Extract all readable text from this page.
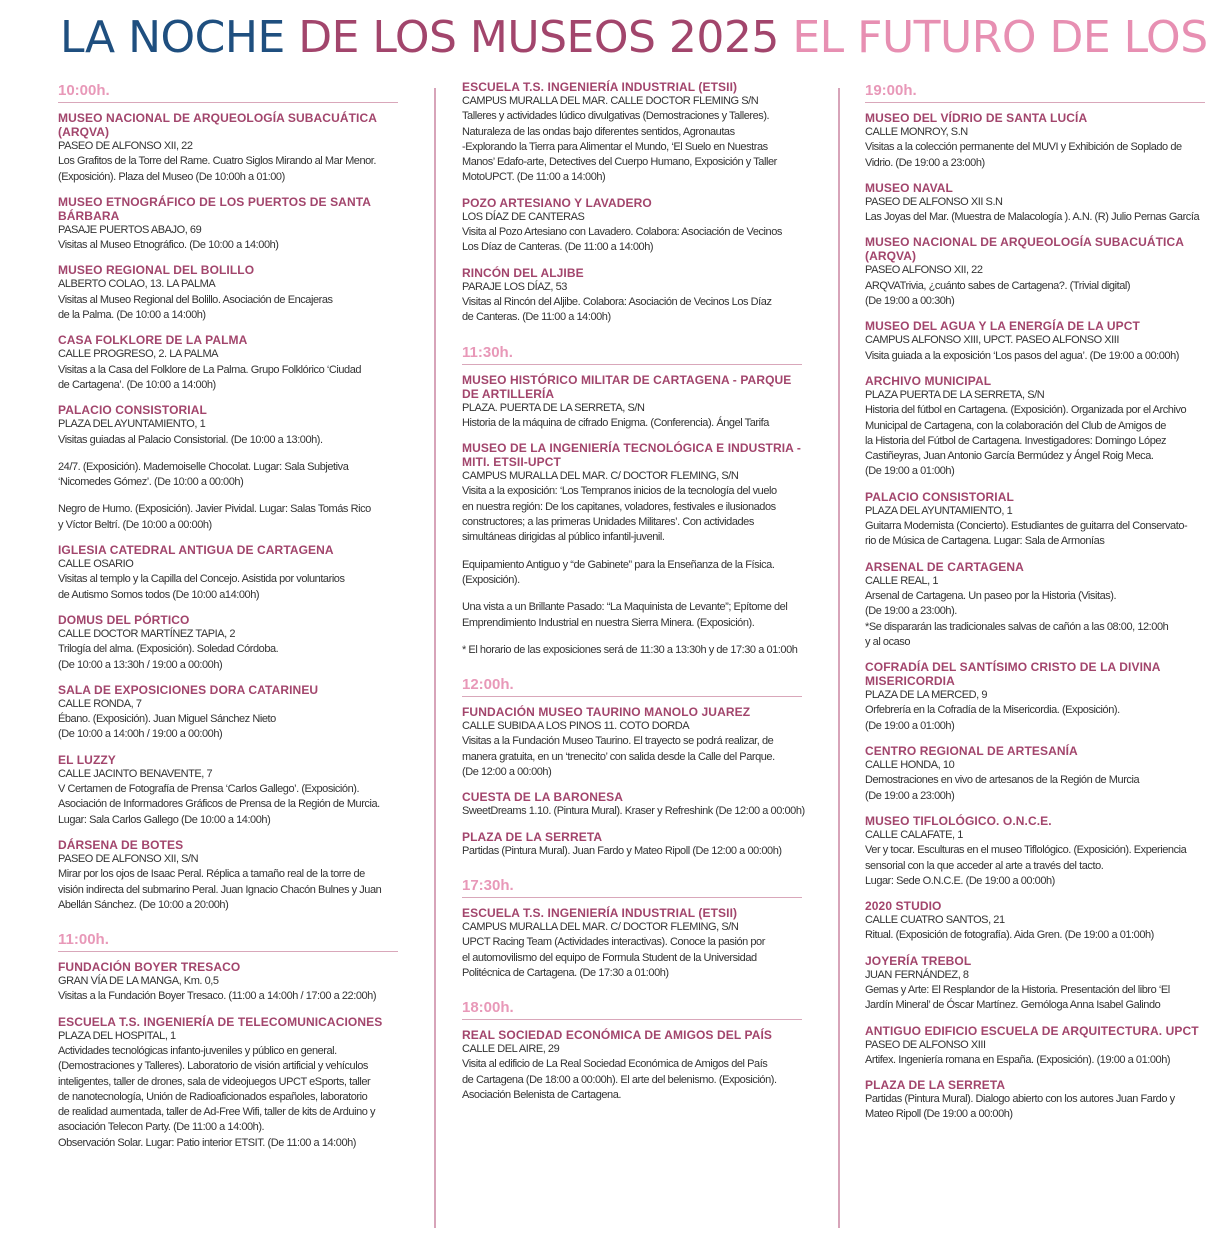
LA NOCHE DE LOS MUSEOS 2025 EL FUTURO DE LOS
10:00h.
MUSEO NACIONAL DE ARQUEOLOGÍA SUBACUÁTICA (ARQVA)
PASEO DE ALFONSO XII, 22
Los Grafitos de la Torre del Rame. Cuatro Siglos Mirando al Mar Menor.
(Exposición). Plaza del Museo (De 10:00h a 01:00)
MUSEO ETNOGRÁFICO DE LOS PUERTOS DE SANTA BÁRBARA
PASAJE PUERTOS ABAJO, 69
Visitas al Museo Etnográfico. (De 10:00 a 14:00h)
MUSEO REGIONAL DEL BOLILLO
ALBERTO COLAO, 13. LA PALMA
Visitas al Museo Regional del Bolillo. Asociación de Encajeras
de la Palma. (De 10:00 a 14:00h)
CASA FOLKLORE DE LA PALMA
CALLE PROGRESO, 2. LA PALMA
Visitas a la Casa del Folklore de La Palma. Grupo Folklórico ‘Ciudad
de Cartagena’. (De 10:00 a 14:00h)
PALACIO CONSISTORIAL
PLAZA DEL AYUNTAMIENTO, 1
Visitas guiadas al Palacio Consistorial. (De 10:00 a 13:00h).
24/7. (Exposición). Mademoiselle Chocolat. Lugar: Sala Subjetiva
‘Nicomedes Gómez’. (De 10:00 a 00:00h)
Negro de Humo. (Exposición). Javier Pividal. Lugar: Salas Tomás Rico
y Víctor Beltrí. (De 10:00 a 00:00h)
IGLESIA CATEDRAL ANTIGUA DE CARTAGENA
CALLE OSARIO
Visitas al templo y la Capilla del Concejo. Asistida por voluntarios
de Autismo Somos todos (De 10:00 a14:00h)
DOMUS DEL PÓRTICO
CALLE DOCTOR MARTÍNEZ TAPIA, 2
Trilogía del alma. (Exposición). Soledad Córdoba.
(De 10:00 a 13:30h / 19:00 a 00:00h)
SALA DE EXPOSICIONES DORA CATARINEU
CALLE RONDA, 7
Ébano. (Exposición). Juan Miguel Sánchez Nieto
(De 10:00 a 14:00h / 19:00 a 00:00h)
EL LUZZY
CALLE JACINTO BENAVENTE, 7
V Certamen de Fotografía de Prensa ‘Carlos Gallego’. (Exposición).
Asociación de Informadores Gráficos de Prensa de la Región de Murcia.
Lugar: Sala Carlos Gallego (De 10:00 a 14:00h)
DÁRSENA DE BOTES
PASEO DE ALFONSO XII, S/N
Mirar por los ojos de Isaac Peral. Réplica a tamaño real de la torre de
visión indirecta del submarino Peral. Juan Ignacio Chacón Bulnes y Juan
Abellán Sánchez. (De 10:00 a 20:00h)
11:00h.
FUNDACIÓN BOYER TRESACO
GRAN VÍA DE LA MANGA, Km. 0,5
Visitas a la Fundación Boyer Tresaco. (11:00 a 14:00h / 17:00 a 22:00h)
ESCUELA T.S. INGENIERÍA DE TELECOMUNICACIONES
PLAZA DEL HOSPITAL, 1
Actividades tecnológicas infanto-juveniles y público en general.
(Demostraciones y Talleres). Laboratorio de visión artificial y vehículos
inteligentes, taller de drones, sala de videojuegos UPCT eSports, taller
de nanotecnología, Unión de Radioaficionados españoles, laboratorio
de realidad aumentada, taller de Ad-Free Wifi, taller de kits de Arduino y
asociación Telecon Party. (De 11:00 a 14:00h).
Observación Solar. Lugar: Patio interior ETSIT. (De 11:00 a 14:00h)
ESCUELA T.S. INGENIERÍA INDUSTRIAL (ETSII)
CAMPUS MURALLA DEL MAR. CALLE DOCTOR FLEMING S/N
Talleres y actividades lúdico divulgativas (Demostraciones y Talleres).
Naturaleza de las ondas bajo diferentes sentidos, Agronautas
-Explorando la Tierra para Alimentar el Mundo, ‘El Suelo en Nuestras
Manos’ Edafo-arte, Detectives del Cuerpo Humano, Exposición y Taller
MotoUPCT. (De 11:00 a 14:00h)
POZO ARTESIANO Y LAVADERO
LOS DÍAZ DE CANTERAS
Visita al Pozo Artesiano con Lavadero. Colabora: Asociación de Vecinos
Los Díaz de Canteras. (De 11:00 a 14:00h)
RINCÓN DEL ALJIBE
PARAJE LOS DÍAZ, 53
Visitas al Rincón del Aljibe. Colabora: Asociación de Vecinos Los Díaz
de Canteras. (De 11:00 a 14:00h)
11:30h.
MUSEO HISTÓRICO MILITAR DE CARTAGENA - PARQUE DE ARTILLERÍA
PLAZA. PUERTA DE LA SERRETA, S/N
Historia de la máquina de cifrado Enigma. (Conferencia). Ángel Tarifa
MUSEO DE LA INGENIERÍA TECNOLÓGICA E INDUSTRIA - MITI. ETSII-UPCT
CAMPUS MURALLA DEL MAR. C/ DOCTOR FLEMING, S/N
Visita a la exposición: ‘Los Tempranos inicios de la tecnología del vuelo
en nuestra región: De los capitanes, voladores, festivales e ilusionados
constructores; a las primeras Unidades Militares’. Con actividades
simultáneas dirigidas al público infantil-juvenil.
Equipamiento Antiguo y “de Gabinete” para la Enseñanza de la Física.
(Exposición).
Una vista a un Brillante Pasado: “La Maquinista de Levante”; Epítome del
Emprendimiento Industrial en nuestra Sierra Minera. (Exposición).
* El horario de las exposiciones será de 11:30 a 13:30h y de 17:30 a 01:00h
12:00h.
FUNDACIÓN MUSEO TAURINO MANOLO JUAREZ
CALLE SUBIDA A LOS PINOS 11. COTO DORDA
Visitas a la Fundación Museo Taurino. El trayecto se podrá realizar, de
manera gratuita, en un ‘trenecito’ con salida desde la Calle del Parque.
(De 12:00 a 00:00h)
CUESTA DE LA BARONESA
SweetDreams 1.10. (Pintura Mural). Kraser y Refreshink (De 12:00 a 00:00h)
PLAZA DE LA SERRETA
Partidas (Pintura Mural). Juan Fardo y Mateo Ripoll (De 12:00 a 00:00h)
17:30h.
ESCUELA T.S. INGENIERÍA INDUSTRIAL (ETSII)
CAMPUS MURALLA DEL MAR. C/ DOCTOR FLEMING, S/N
UPCT Racing Team (Actividades interactivas). Conoce la pasión por
el automovilismo del equipo de Formula Student de la Universidad
Politécnica de Cartagena. (De 17:30 a 01:00h)
18:00h.
REAL SOCIEDAD ECONÓMICA DE AMIGOS DEL PAÍS
CALLE DEL AIRE, 29
Visita al edificio de La Real Sociedad Económica de Amigos del País
de Cartagena (De 18:00 a 00:00h). El arte del belenismo. (Exposición).
Asociación Belenista de Cartagena.
19:00h.
MUSEO DEL VÍDRIO DE SANTA LUCÍA
CALLE MONROY, S.N
Visitas a la colección permanente del MUVI y Exhibición de Soplado de
Vidrio. (De 19:00 a 23:00h)
MUSEO NAVAL
PASEO DE ALFONSO XII S.N
Las Joyas del Mar. (Muestra de Malacología ). A.N. (R) Julio Pernas García
MUSEO NACIONAL DE ARQUEOLOGÍA SUBACUÁTICA (ARQVA)
PASEO ALFONSO XII, 22
ARQVATrivia, ¿cuánto sabes de Cartagena?. (Trivial digital)
(De 19:00 a 00:30h)
MUSEO DEL AGUA Y LA ENERGÍA DE LA UPCT
CAMPUS ALFONSO XIII, UPCT. PASEO ALFONSO XIII
Visita guiada a la exposición ‘Los pasos del agua’. (De 19:00 a 00:00h)
ARCHIVO MUNICIPAL
PLAZA PUERTA DE LA SERRETA, S/N
Historia del fútbol en Cartagena. (Exposición). Organizada por el Archivo
Municipal de Cartagena, con la colaboración del Club de Amigos de
la Historia del Fútbol de Cartagena. Investigadores: Domingo López
Castiñeyras, Juan Antonio García Bermúdez y Ángel Roig Meca.
(De 19:00 a 01:00h)
PALACIO CONSISTORIAL
PLAZA DEL AYUNTAMIENTO, 1
Guitarra Modernista (Concierto). Estudiantes de guitarra del Conservato-
rio de Música de Cartagena. Lugar: Sala de Armonías
ARSENAL DE CARTAGENA
CALLE REAL, 1
Arsenal de Cartagena. Un paseo por la Historia (Visitas).
(De 19:00 a 23:00h).
*Se dispararán las tradicionales salvas de cañón a las 08:00, 12:00h
y al ocaso
COFRADÍA DEL SANTÍSIMO CRISTO DE LA DIVINA MISERICORDIA
PLAZA DE LA MERCED, 9
Orfebrería en la Cofradía de la Misericordia. (Exposición).
(De 19:00 a 01:00h)
CENTRO REGIONAL DE ARTESANÍA
CALLE HONDA, 10
Demostraciones en vivo de artesanos de la Región de Murcia
(De 19:00 a 23:00h)
MUSEO TIFLOLÓGICO. O.N.C.E.
CALLE CALAFATE, 1
Ver y tocar. Esculturas en el museo Tiflológico. (Exposición). Experiencia
sensorial con la que acceder al arte a través del tacto.
Lugar: Sede O.N.C.E. (De 19:00 a 00:00h)
2020 STUDIO
CALLE CUATRO SANTOS, 21
Ritual. (Exposición de fotografía). Aida Gren. (De 19:00 a 01:00h)
JOYERÍA TREBOL
JUAN FERNÁNDEZ, 8
Gemas y Arte: El Resplandor de la Historia. Presentación del libro ‘El
Jardín Mineral’ de Óscar Martínez. Gemóloga Anna Isabel Galindo
ANTIGUO EDIFICIO ESCUELA DE ARQUITECTURA. UPCT
PASEO DE ALFONSO XIII
Artifex. Ingeniería romana en España. (Exposición). (19:00 a 01:00h)
PLAZA DE LA SERRETA
Partidas (Pintura Mural). Dialogo abierto con los autores Juan Fardo y
Mateo Ripoll (De 19:00 a 00:00h)
